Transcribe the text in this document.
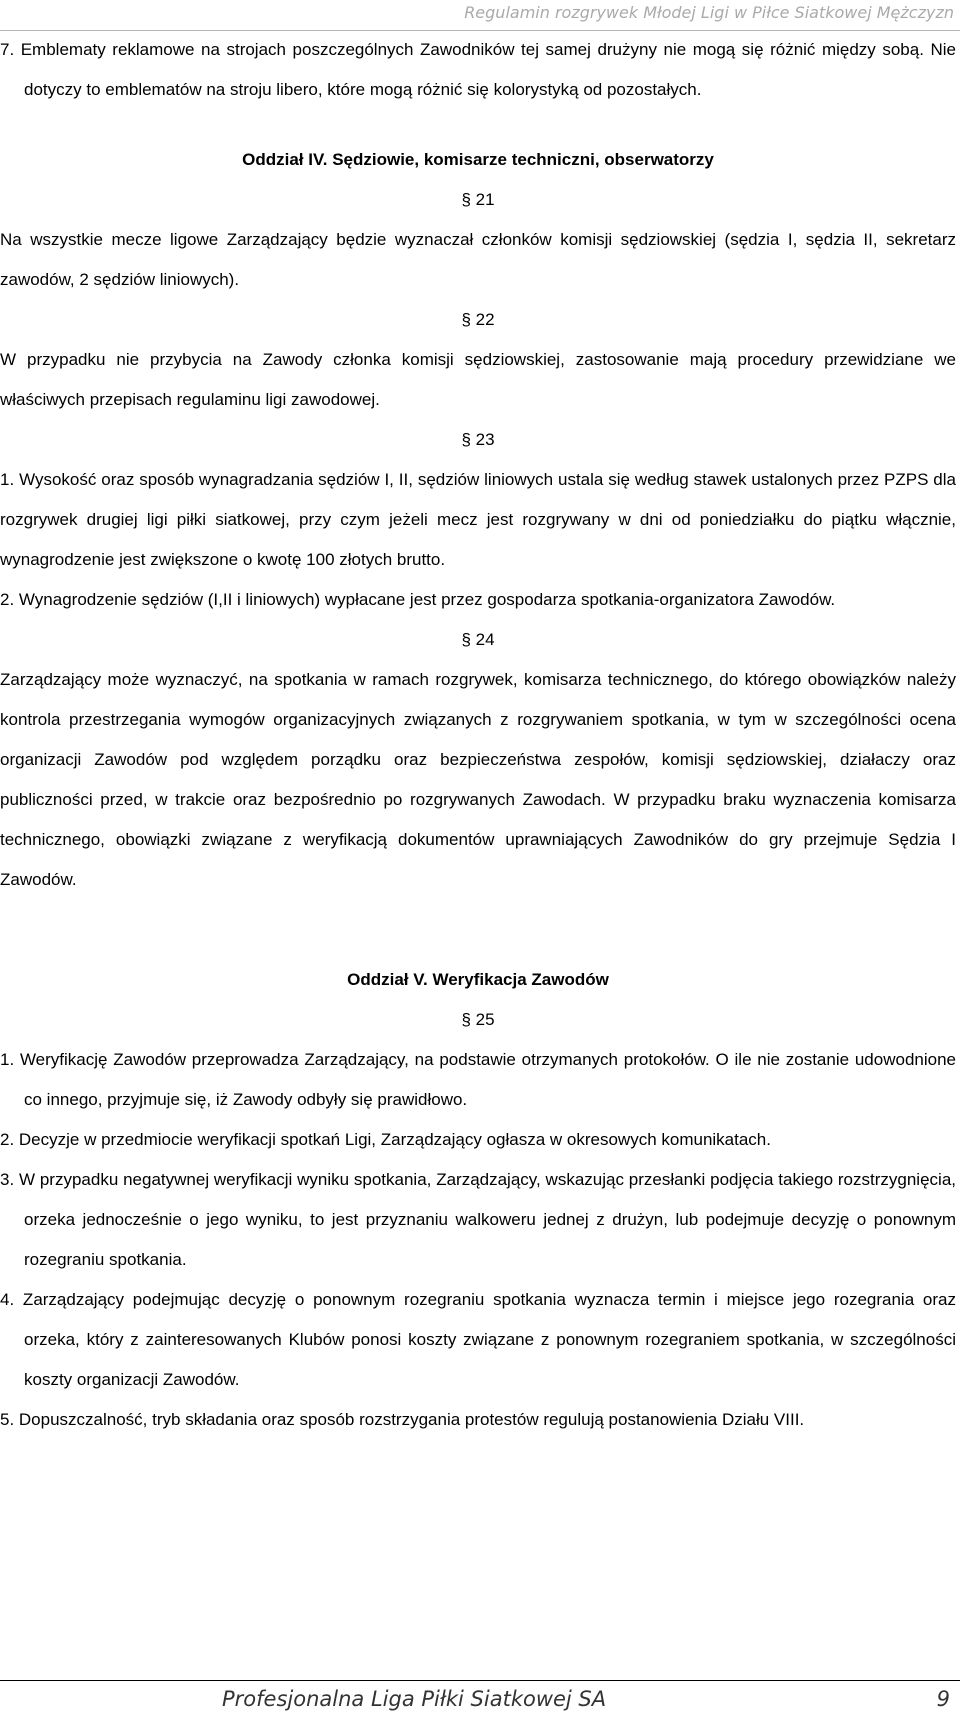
Regulamin rozgrywek Młodej Ligi w Piłce Siatkowej Mężczyzn

7. Emblematy reklamowe na strojach poszczególnych Zawodników tej samej drużyny nie mogą się różnić między sobą. Nie dotyczy to emblematów na stroju libero, które mogą różnić się kolorystyką od pozostałych.

Oddział IV. Sędziowie, komisarze techniczni, obserwatorzy

§ 21

Na wszystkie mecze ligowe Zarządzający będzie wyznaczał członków komisji sędziowskiej (sędzia I, sędzia II, sekretarz zawodów, 2 sędziów liniowych).

§ 22

W przypadku nie przybycia na Zawody członka komisji sędziowskiej, zastosowanie mają procedury przewidziane we właściwych przepisach regulaminu ligi zawodowej.

§ 23

1. Wysokość oraz sposób wynagradzania sędziów I, II, sędziów liniowych ustala się według stawek ustalonych przez PZPS dla rozgrywek drugiej ligi piłki siatkowej, przy czym jeżeli mecz jest rozgrywany w dni od poniedziałku do piątku włącznie, wynagrodzenie jest zwiększone o kwotę 100 złotych brutto.

2. Wynagrodzenie sędziów (I,II i liniowych) wypłacane jest przez gospodarza spotkania-organizatora Zawodów.

§ 24

Zarządzający może wyznaczyć, na spotkania w ramach rozgrywek, komisarza technicznego, do którego obowiązków należy kontrola przestrzegania wymogów organizacyjnych związanych z rozgrywaniem spotkania, w tym w szczególności ocena organizacji Zawodów pod względem porządku oraz bezpieczeństwa zespołów, komisji sędziowskiej, działaczy oraz publiczności przed, w trakcie oraz bezpośrednio po rozgrywanych Zawodach. W przypadku braku wyznaczenia komisarza technicznego, obowiązki związane z weryfikacją dokumentów uprawniających Zawodników do gry przejmuje Sędzia I Zawodów.

Oddział V. Weryfikacja Zawodów

§ 25

1. Weryfikację Zawodów przeprowadza Zarządzający, na podstawie otrzymanych protokołów. O ile nie zostanie udowodnione co innego, przyjmuje się, iż Zawody odbyły się prawidłowo.

2. Decyzje w przedmiocie weryfikacji spotkań Ligi, Zarządzający ogłasza w okresowych komunikatach.

3. W przypadku negatywnej weryfikacji wyniku spotkania, Zarządzający, wskazując przesłanki podjęcia takiego rozstrzygnięcia, orzeka jednocześnie o jego wyniku, to jest przyznaniu walkoweru jednej z drużyn, lub podejmuje decyzję o ponownym rozegraniu spotkania.

4. Zarządzający podejmując decyzję o ponownym rozegraniu spotkania wyznacza termin i miejsce jego rozegrania oraz orzeka, który z zainteresowanych Klubów ponosi koszty związane z ponownym rozegraniem spotkania, w szczególności koszty organizacji Zawodów.

5. Dopuszczalność, tryb składania oraz sposób rozstrzygania protestów regulują postanowienia Działu VIII.

Profesjonalna Liga Piłki Siatkowej SA	9
